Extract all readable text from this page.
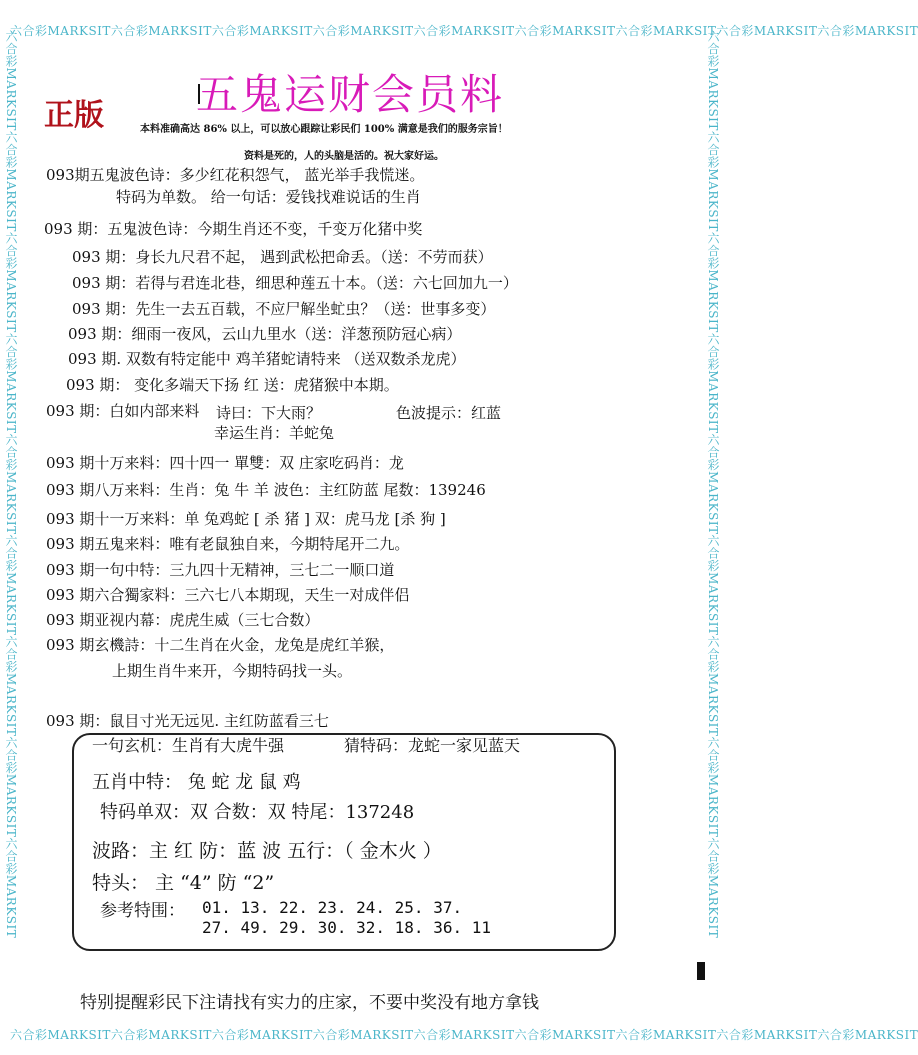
六合彩MARKSIT六合彩MARKSIT六合彩MARKSIT六合彩MARKSIT六合彩MARKSIT六合彩MARKSIT六合彩MARKSIT六合彩MARKSIT六合彩MARKSIT
六合彩MARKSIT六合彩MARKSIT六合彩MARKSIT六合彩MARKSIT六合彩MARKSIT六合彩MARKSIT六合彩MARKSIT六合彩MARKSIT六合彩MARKSIT
六合彩MARKSIT六合彩MARKSIT六合彩MARKSIT六合彩MARKSIT六合彩MARKSIT六合彩MARKSIT六合彩MARKSIT六合彩MARKSIT六合彩MARKSIT	六合彩MARKSIT六合彩MARKSIT六合彩MARKSIT六合彩MARKSIT六合彩MARKSIT六合彩MARKSIT六合彩MARKSIT六合彩MARKSIT六合彩MARKSIT
正版 五鬼运财会员料
本料准确高达 86% 以上，可以放心跟踪让彩民们 100% 满意是我们的服务宗旨！
资料是死的，人的头脑是活的。祝大家好运。
093期五鬼波色诗：多少红花积怨气， 蓝光举手我慌迷。
特码为单数。 给一句话：爱钱找难说话的生肖
093 期：五鬼波色诗：今期生肖还不变，千变万化猪中奖
093 期：身长九尺君不起， 遇到武松把命丢。（送：不劳而获）
093 期：若得与君连北巷，细思种莲五十本。（送：六七回加九一）
093 期：先生一去五百载，不应尸解坐虻虫？（送：世事多变）
093 期：细雨一夜风，云山九里水（送：洋葱预防冠心病）
093 期. 双数有特定能中 鸡羊猪蛇请特来 （送双数杀龙虎）
093 期： 变化多端天下扬 红 送：虎猪猴中本期。
093 期：白如内部来料 诗曰：下大雨？	色波提示：红蓝
幸运生肖：羊蛇兔
093 期十万来料：四十四一 單雙：双 庄家吃码肖：龙
093 期八万来料：生肖：兔 牛 羊 波色：主红防蓝 尾数：139246
093 期十一万来料：单 兔鸡蛇 [ 杀 猪 ] 双：虎马龙 [杀 狗 ]
093 期五鬼来料：唯有老鼠独自来，今期特尾开二九。
093 期一句中特：三九四十无精神，三七二一顺口道
093 期六合獨家料：三六七八本期现，天生一对成伴侣
093 期亚视内幕：虎虎生威（三七合数）
093 期玄機詩：十二生肖在火金，龙兔是虎红羊猴，
上期生肖牛来开，今期特码找一头。
093 期：鼠目寸光无远见. 主红防蓝看三七
一句玄机：生肖有大虎牛强	猜特码：龙蛇一家见蓝天
五肖中特： 兔 蛇 龙 鼠 鸡
特码单双：双 合数：双 特尾：137248
波路：主 红 防：蓝 波 五行：（ 金木火 ）
特头： 主 “4” 防 “2”
参考特围： 01. 13. 22. 23. 24. 25. 37.
27. 49. 29. 30. 32. 18. 36. 11
特别提醒彩民下注请找有实力的庄家，不要中奖没有地方拿钱
